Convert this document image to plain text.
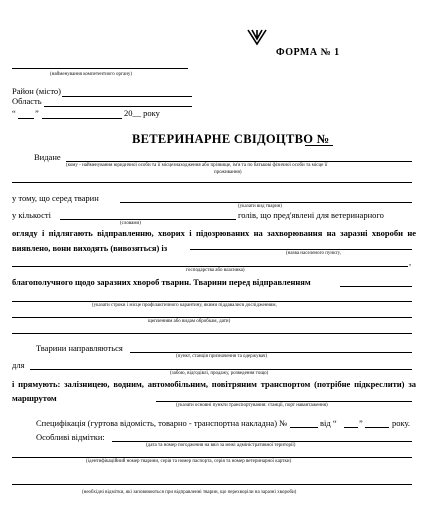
ФОРМА № 1
(найменування компетентного органу)
Район (місто)
Область
“ ”	20__ року
ВЕТЕРИНАРНЕ СВІДОЦТВО №
Видане
(кому - найменування юридичної особи та її місцезнаходження або прізвище, ім'я та по батькові фізичної особи та місце її
проживання)
у тому, що серед тварин
(указати вид тварин)
у кількості	голів, що пред'явлені для ветеринарного
(словами)
огляду і підлягають відправленню, хворих і підозрюваних на захворювання на заразні хвороби не виявлено, вони виходять (вивозяться) із
(назва населеного пункту,
,
господарства або власника)
благополучного щодо заразних хвороб тварин. Тварини перед відправленням
(указати строки і місце профілактичного карантину, якими піддавалися дослідженням,
щепленням або видам обробкам, дати)
Тварини направляються
(пункт, станція призначення та одержувач)
для
(забою, відгодівлі, продажу, розведення тощо)
і прямують: залізницею, водним, автомобільним, повітряним транспортом (потрібне підкреслити) за маршрутом
(указати основні пункти транспортування: станції, порт навантаження)
Специфікація (гуртова відомість, товарно - транспортна накладна) №	від “	”	року.
Особливі відмітки:
(дата та номер погодження на ввіз за межі адміністративної території)
(ідентифікаційний номер тварини, серія та номер паспорта, серія та номер ветеринарної картки)
(необхідні відмітки, які заповнюються при відправленні тварин, що перехворіли на заразні хвороби)
